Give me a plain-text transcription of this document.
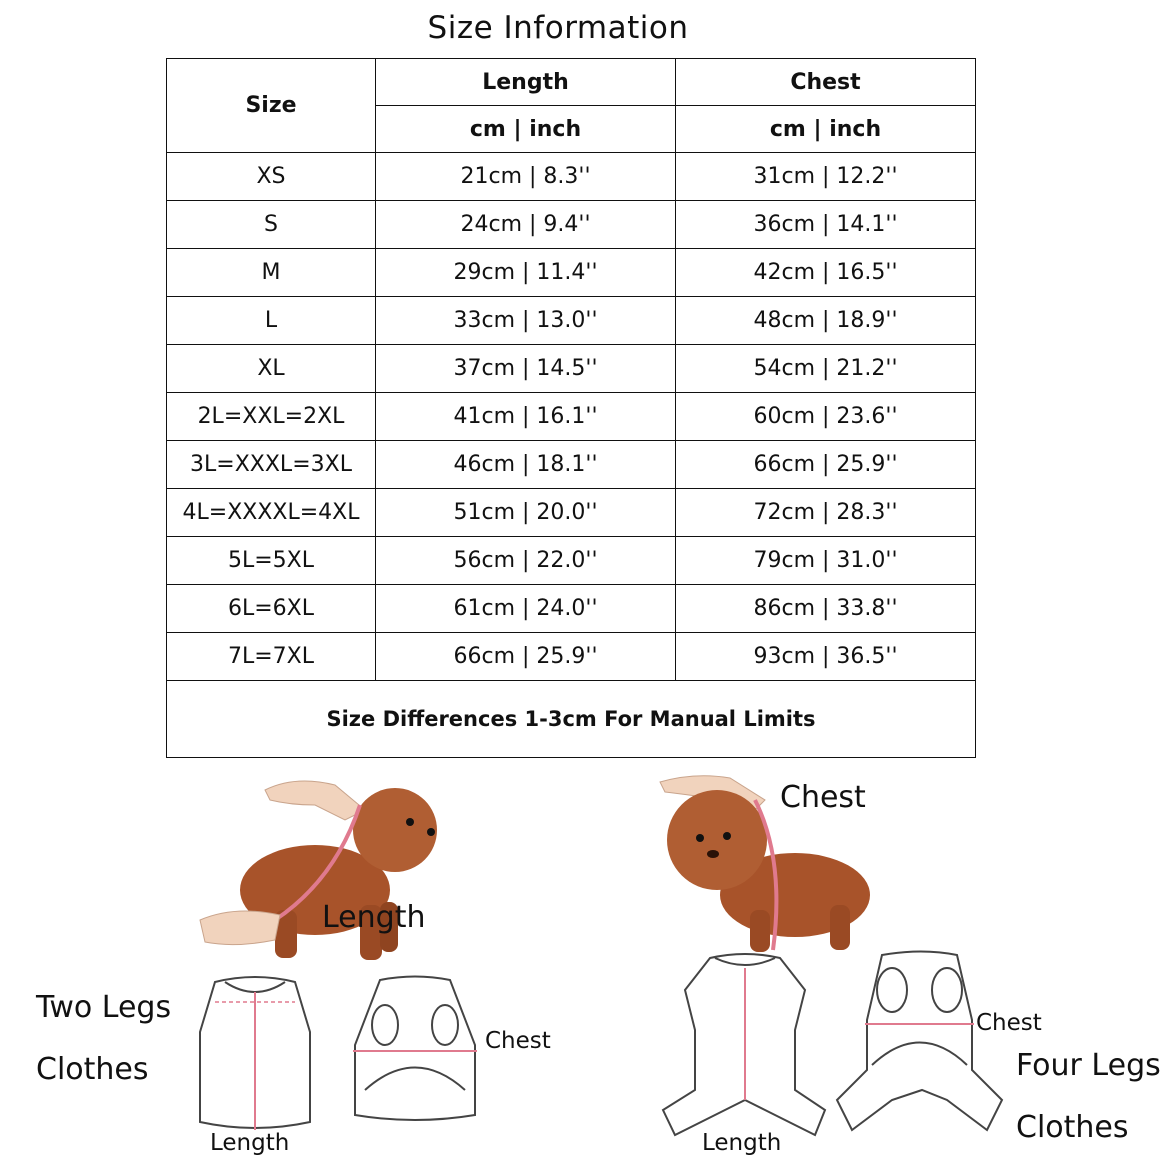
Size Information
Size	Length	Chest
	cm | inch	cm | inch
XS	21cm | 8.3''	31cm | 12.2''
S	24cm | 9.4''	36cm | 14.1''
M	29cm | 11.4''	42cm | 16.5''
L	33cm | 13.0''	48cm | 18.9''
XL	37cm | 14.5''	54cm | 21.2''
2L=XXL=2XL	41cm | 16.1''	60cm | 23.6''
3L=XXXL=3XL	46cm | 18.1''	66cm | 25.9''
4L=XXXXL=4XL	51cm | 20.0''	72cm | 28.3''
5L=5XL	56cm | 22.0''	79cm | 31.0''
6L=6XL	61cm | 24.0''	86cm | 33.8''
7L=7XL	66cm | 25.9''	93cm | 36.5''
Size Differences 1-3cm For Manual Limits		
Length
Chest
Two Legs
Clothes
Length
Chest
Length
Chest
Four Legs
Clothes
